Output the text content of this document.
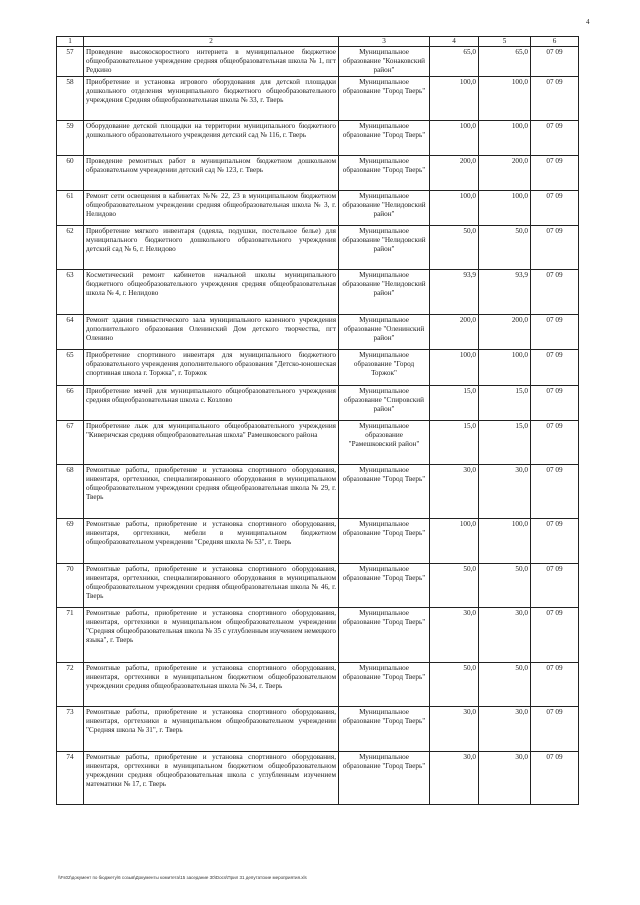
4
1	2	3	4	5	6
57	Проведение высокоскоростного интернета в муниципальное бюджетное общеобразовательное учреждение средняя общеобразовательная школа № 1, пгт Редкино	Муниципальное образование "Конаковский район"	65,0	65,0	07 09
58	Приобретение и установка игрового оборудования для детской площадки дошкольного отделения муниципального бюджетного общеобразовательного учреждения Средняя общеобразовательная школа № 33, г. Тверь	Муниципальное образование "Город Тверь"	100,0	100,0	07 09
59	Оборудование детской площадки на территории муниципального бюджетного дошкольного образовательного учреждения детский сад № 116, г. Тверь	Муниципальное образование "Город Тверь"	100,0	100,0	07 09
60	Проведение ремонтных работ в муниципальном бюджетном дошкольном образовательном учреждении детский сад № 123, г. Тверь	Муниципальное образование "Город Тверь"	200,0	200,0	07 09
61	Ремонт сети освещения в кабинетах №№ 22, 23 в муниципальном бюджетном общеобразовательном учреждении средняя общеобразовательная школа № 3, г. Нелидово	Муниципальное образование "Нелидовский район"	100,0	100,0	07 09
62	Приобретение мягкого инвентаря (одеяла, подушки, постельное белье) для муниципального бюджетного дошкольного образовательного учреждения детский сад № 6, г. Нелидово	Муниципальное образование "Нелидовский район"	50,0	50,0	07 09
63	Косметический ремонт кабинетов начальной школы муниципального бюджетного общеобразовательного учреждения средняя общеобразовательная школа № 4, г. Нелидово	Муниципальное образование "Нелидовский район"	93,9	93,9	07 09
64	Ремонт здания гимнастического зала муниципального казенного учреждения дополнительного образования Оленинский Дом детского творчества, пгт Оленино	Муниципальное образование "Оленинский район"	200,0	200,0	07 09
65	Приобретение спортивного инвентаря для муниципального бюджетного образовательного учреждения дополнительного образования "Детско-юношеская спортивная школа г. Торжка", г. Торжок	Муниципальное образование "Город Торжок"	100,0	100,0	07 09
66	Приобретение мячей для муниципального общеобразовательного учреждения средняя общеобразовательная школа с. Козлово	Муниципальное образование "Спировский район"	15,0	15,0	07 09
67	Приобретение лыж для муниципального общеобразовательного учреждения "Киверичская средняя общеобразовательная школа" Рамешковского района	Муниципальное образование "Рамешковский район"	15,0	15,0	07 09
68	Ремонтные работы, приобретение и установка спортивного оборудования, инвентаря, оргтехники, специализированного оборудования в муниципальном общеобразовательном учреждении средняя общеобразовательная школа № 29, г. Тверь	Муниципальное образование "Город Тверь"	30,0	30,0	07 09
69	Ремонтные работы, приобретение и установка спортивного оборудования, инвентаря, оргтехники, мебели в муниципальном бюджетном общеобразовательном учреждении "Средняя школа № 53", г. Тверь	Муниципальное образование "Город Тверь"	100,0	100,0	07 09
70	Ремонтные работы, приобретение и установка спортивного оборудования, инвентаря, оргтехники, специализированного оборудования в муниципальном общеобразовательном учреждении средняя общеобразовательная школа № 46, г. Тверь	Муниципальное образование "Город Тверь"	50,0	50,0	07 09
71	Ремонтные работы, приобретение и установка спортивного оборудования, инвентаря, оргтехники в муниципальном общеобразовательном учреждении "Средняя общеобразовательная школа № 35 с углубленным изучением немецкого языка", г. Тверь	Муниципальное образование "Город Тверь"	30,0	30,0	07 09
72	Ремонтные работы, приобретение и установка спортивного оборудования, инвентаря, оргтехники в муниципальном бюджетном общеобразовательном учреждении средняя общеобразовательная школа № 34, г. Тверь	Муниципальное образование "Город Тверь"	50,0	50,0	07 09
73	Ремонтные работы, приобретение и установка спортивного оборудования, инвентаря, оргтехники в муниципальном общеобразовательном учреждении "Средняя школа № 31", г. Тверь	Муниципальное образование "Город Тверь"	30,0	30,0	07 09
74	Ремонтные работы, приобретение и установка спортивного оборудования, инвентаря, оргтехники в муниципальном бюджетном общеобразовательном учреждении средняя общеобразовательная школа с углубленным изучением математики № 17, г. Тверь	Муниципальное образование "Город Тверь"	30,0	30,0	07 09
\\Fs02\документ по бюджету\6 созыв\Документы комитета\15 заседание 30\Docs\Прил 31 депутатские мероприятия.xls
